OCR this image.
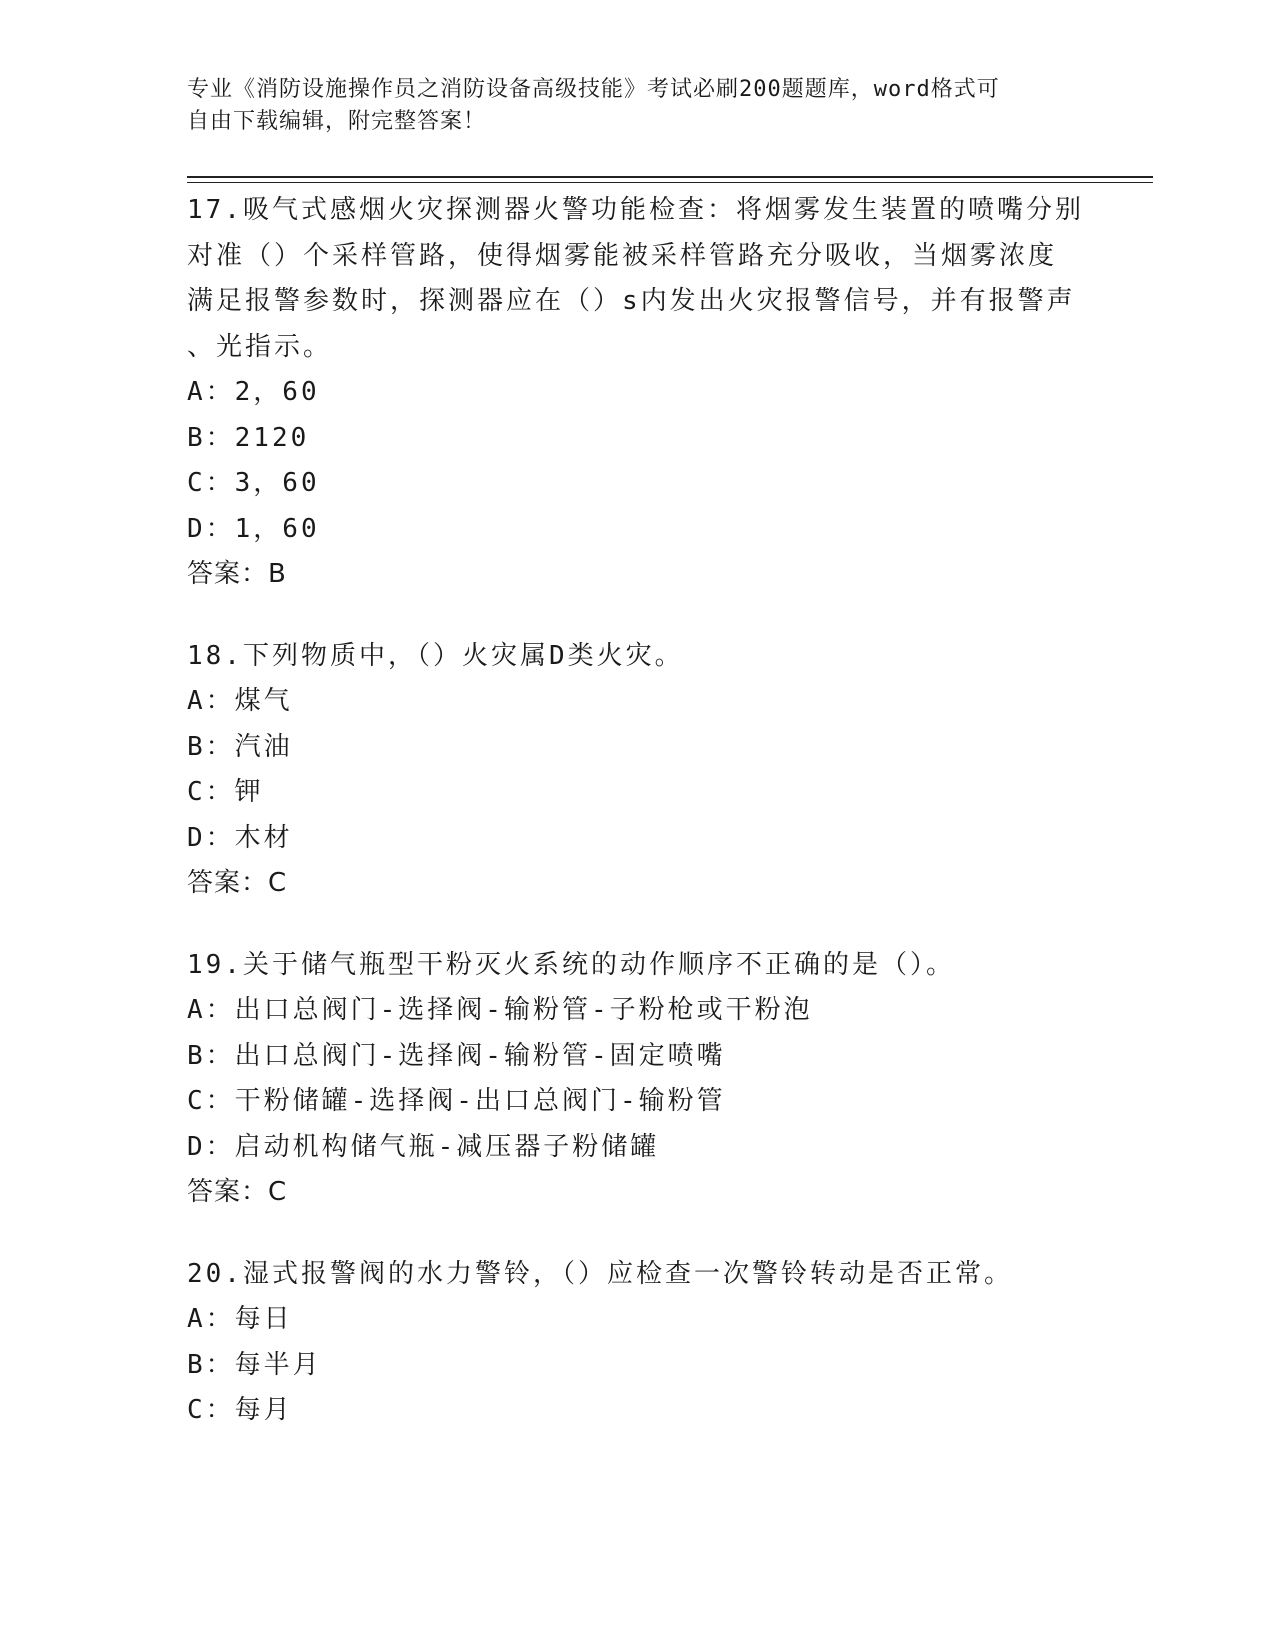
专业《消防设施操作员之消防设备高级技能》考试必刷200题题库，word格式可
自由下载编辑，附完整答案！
17.吸气式感烟火灾探测器火警功能检查：将烟雾发生装置的喷嘴分别
对准（）个采样管路，使得烟雾能被采样管路充分吸收，当烟雾浓度
满足报警参数时，探测器应在（）s内发出火灾报警信号，并有报警声
、光指示。
A：2，60
B：2120
C：3，60
D：1，60
答案：B
18.下列物质中，（）火灾属D类火灾。
A：煤气
B：汽油
C：钾
D：木材
答案：C
19.关于储气瓶型干粉灭火系统的动作顺序不正确的是（）。
A：出口总阀门-选择阀-输粉管-子粉枪或干粉泡
B：出口总阀门-选择阀-输粉管-固定喷嘴
C：干粉储罐-选择阀-出口总阀门-输粉管
D：启动机构储气瓶-减压器子粉储罐
答案：C
20.湿式报警阀的水力警铃，（）应检查一次警铃转动是否正常。
A：每日
B：每半月
C：每月
